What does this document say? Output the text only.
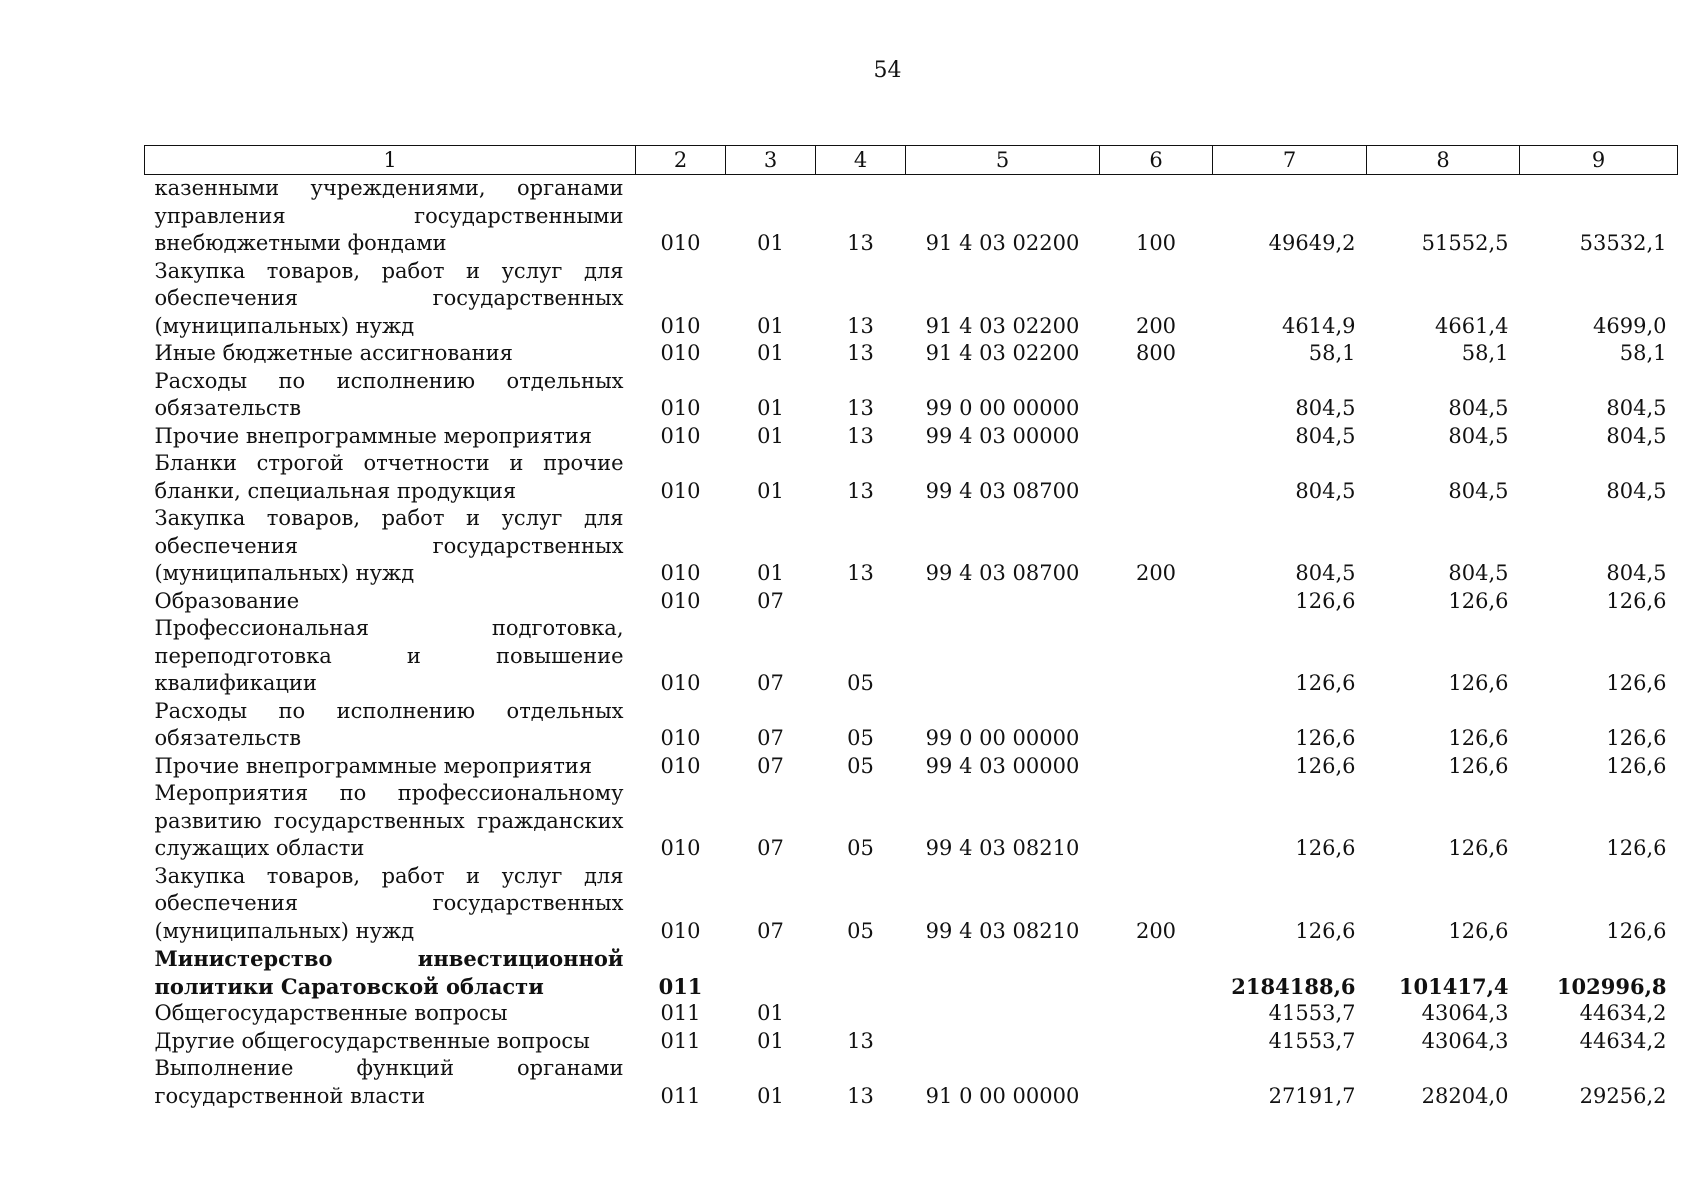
54
1	2	3	4	5	6	7	8	9
казенными учреждениями, органами управления государственными внебюджетными фондами	010	01	13	91 4 03 02200	100	49649,2	51552,5	53532,1
Закупка товаров, работ и услуг для обеспечения государственных (муниципальных) нужд	010	01	13	91 4 03 02200	200	4614,9	4661,4	4699,0
Иные бюджетные ассигнования	010	01	13	91 4 03 02200	800	58,1	58,1	58,1
Расходы по исполнению отдельных обязательств	010	01	13	99 0 00 00000		804,5	804,5	804,5
Прочие внепрограммные мероприятия	010	01	13	99 4 03 00000		804,5	804,5	804,5
Бланки строгой отчетности и прочие бланки, специальная продукция	010	01	13	99 4 03 08700		804,5	804,5	804,5
Закупка товаров, работ и услуг для обеспечения государственных (муниципальных) нужд	010	01	13	99 4 03 08700	200	804,5	804,5	804,5
Образование	010	07				126,6	126,6	126,6
Профессиональная подготовка, переподготовка и повышение квалификации	010	07	05			126,6	126,6	126,6
Расходы по исполнению отдельных обязательств	010	07	05	99 0 00 00000		126,6	126,6	126,6
Прочие внепрограммные мероприятия	010	07	05	99 4 03 00000		126,6	126,6	126,6
Мероприятия по профессиональному развитию государственных гражданских служащих области	010	07	05	99 4 03 08210		126,6	126,6	126,6
Закупка товаров, работ и услуг для обеспечения государственных (муниципальных) нужд	010	07	05	99 4 03 08210	200	126,6	126,6	126,6
Министерство инвестиционной политики Саратовской области	011					2184188,6	101417,4	102996,8
Общегосударственные вопросы	011	01				41553,7	43064,3	44634,2
Другие общегосударственные вопросы	011	01	13			41553,7	43064,3	44634,2
Выполнение функций органами государственной власти	011	01	13	91 0 00 00000		27191,7	28204,0	29256,2
